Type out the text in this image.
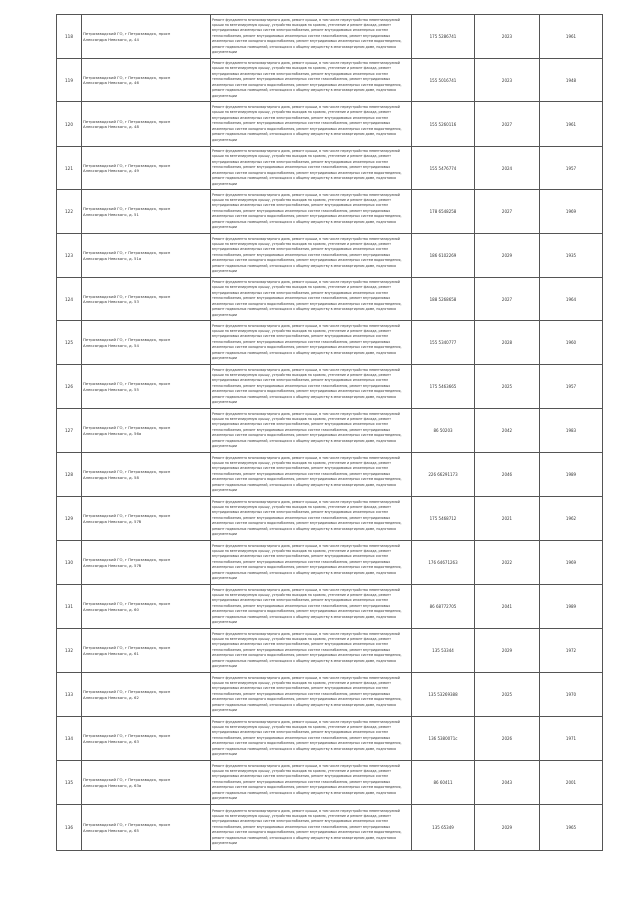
118	Петрозаводский ГО, г Петрозаводск, просп
Александра Невского, д. 44	Ремонт фундамента многоквартирного дома, ремонт крыши, в том числе переустройство невентилируемой крыши на вентилируемую крышу, устройство выходов на кровлю, утепление и ремонт фасада, ремонт внутридомовых инженерных систем электроснабжения, ремонт внутридомовых инженерных систем теплоснабжения, ремонт внутридомовых инженерных систем газоснабжения, ремонт внутридомовых инженерных систем холодного водоснабжения, ремонт внутридомовых инженерных систем водоотведения, ремонт подвальных помещений, относящихся к общему имуществу в многоквартирном доме, подготовка документации	175 5286741	2023	1961
119	Петрозаводский ГО, г Петрозаводск, просп
Александра Невского, д. 46	Ремонт фундамента многоквартирного дома, ремонт крыши, в том числе переустройство невентилируемой крыши на вентилируемую крышу, устройство выходов на кровлю, утепление и ремонт фасада, ремонт внутридомовых инженерных систем электроснабжения, ремонт внутридомовых инженерных систем теплоснабжения, ремонт внутридомовых инженерных систем газоснабжения, ремонт внутридомовых инженерных систем холодного водоснабжения, ремонт внутридомовых инженерных систем водоотведения, ремонт подвальных помещений, относящихся к общему имуществу в многоквартирном доме, подготовка документации	155 5016741	2023	1948
120	Петрозаводский ГО, г Петрозаводск, просп
Александра Невского, д. 48	Ремонт фундамента многоквартирного дома, ремонт крыши, в том числе переустройство невентилируемой крыши на вентилируемую крышу, устройство выходов на кровлю, утепление и ремонт фасада, ремонт внутридомовых инженерных систем электроснабжения, ремонт внутридомовых инженерных систем теплоснабжения, ремонт внутридомовых инженерных систем газоснабжения, ремонт внутридомовых инженерных систем холодного водоснабжения, ремонт внутридомовых инженерных систем водоотведения, ремонт подвальных помещений, относящихся к общему имуществу в многоквартирном доме, подготовка документации	155 5260116	2027	1961
121	Петрозаводский ГО, г Петрозаводск, просп
Александра Невского, д. 49	Ремонт фундамента многоквартирного дома, ремонт крыши, в том числе переустройство невентилируемой крыши на вентилируемую крышу, устройство выходов на кровлю, утепление и ремонт фасада, ремонт внутридомовых инженерных систем электроснабжения, ремонт внутридомовых инженерных систем теплоснабжения, ремонт внутридомовых инженерных систем газоснабжения, ремонт внутридомовых инженерных систем холодного водоснабжения, ремонт внутридомовых инженерных систем водоотведения, ремонт подвальных помещений, относящихся к общему имуществу в многоквартирном доме, подготовка документации	155 5476774	2024	1957
122	Петрозаводский ГО, г Петрозаводск, просп
Александра Невского, д. 51	Ремонт фундамента многоквартирного дома, ремонт крыши, в том числе переустройство невентилируемой крыши на вентилируемую крышу, устройство выходов на кровлю, утепление и ремонт фасада, ремонт внутридомовых инженерных систем электроснабжения, ремонт внутридомовых инженерных систем теплоснабжения, ремонт внутридомовых инженерных систем газоснабжения, ремонт внутридомовых инженерных систем холодного водоснабжения, ремонт внутридомовых инженерных систем водоотведения, ремонт подвальных помещений, относящихся к общему имуществу в многоквартирном доме, подготовка документации	178 6548258	2027	1969
123	Петрозаводский ГО, г Петрозаводск, просп
Александра Невского, д. 51а	Ремонт фундамента многоквартирного дома, ремонт крыши, в том числе переустройство невентилируемой крыши на вентилируемую крышу, устройство выходов на кровлю, утепление и ремонт фасада, ремонт внутридомовых инженерных систем электроснабжения, ремонт внутридомовых инженерных систем теплоснабжения, ремонт внутридомовых инженерных систем газоснабжения, ремонт внутридомовых инженерных систем холодного водоснабжения, ремонт внутридомовых инженерных систем водоотведения, ремонт подвальных помещений, относящихся к общему имуществу в многоквартирном доме, подготовка документации	186 6102269	2029	1935
124	Петрозаводский ГО, г Петрозаводск, просп
Александра Невского, д. 53	Ремонт фундамента многоквартирного дома, ремонт крыши, в том числе переустройство невентилируемой крыши на вентилируемую крышу, устройство выходов на кровлю, утепление и ремонт фасада, ремонт внутридомовых инженерных систем электроснабжения, ремонт внутридомовых инженерных систем теплоснабжения, ремонт внутридомовых инженерных систем газоснабжения, ремонт внутридомовых инженерных систем холодного водоснабжения, ремонт внутридомовых инженерных систем водоотведения, ремонт подвальных помещений, относящихся к общему имуществу в многоквартирном доме, подготовка документации	188 5268658	2027	1964
125	Петрозаводский ГО, г Петрозаводск, просп
Александра Невского, д. 54	Ремонт фундамента многоквартирного дома, ремонт крыши, в том числе переустройство невентилируемой крыши на вентилируемую крышу, устройство выходов на кровлю, утепление и ремонт фасада, ремонт внутридомовых инженерных систем электроснабжения, ремонт внутридомовых инженерных систем теплоснабжения, ремонт внутридомовых инженерных систем газоснабжения, ремонт внутридомовых инженерных систем холодного водоснабжения, ремонт внутридомовых инженерных систем водоотведения, ремонт подвальных помещений, относящихся к общему имуществу в многоквартирном доме, подготовка документации	155 5340777	2028	1960
126	Петрозаводский ГО, г Петрозаводск, просп
Александра Невского, д. 55	Ремонт фундамента многоквартирного дома, ремонт крыши, в том числе переустройство невентилируемой крыши на вентилируемую крышу, устройство выходов на кровлю, утепление и ремонт фасада, ремонт внутридомовых инженерных систем электроснабжения, ремонт внутридомовых инженерных систем теплоснабжения, ремонт внутридомовых инженерных систем газоснабжения, ремонт внутридомовых инженерных систем холодного водоснабжения, ремонт внутридомовых инженерных систем водоотведения, ремонт подвальных помещений, относящихся к общему имуществу в многоквартирном доме, подготовка документации	175 5463665	2025	1957
127	Петрозаводский ГО, г Петрозаводск, просп
Александра Невского, д. 56а	Ремонт фундамента многоквартирного дома, ремонт крыши, в том числе переустройство невентилируемой крыши на вентилируемую крышу, устройство выходов на кровлю, утепление и ремонт фасада, ремонт внутридомовых инженерных систем электроснабжения, ремонт внутридомовых инженерных систем теплоснабжения, ремонт внутридомовых инженерных систем газоснабжения, ремонт внутридомовых инженерных систем холодного водоснабжения, ремонт внутридомовых инженерных систем водоотведения, ремонт подвальных помещений, относящихся к общему имуществу в многоквартирном доме, подготовка документации	86 50203	2042	1983
128	Петрозаводский ГО, г Петрозаводск, просп
Александра Невского, д. 58	Ремонт фундамента многоквартирного дома, ремонт крыши, в том числе переустройство невентилируемой крыши на вентилируемую крышу, устройство выходов на кровлю, утепление и ремонт фасада, ремонт внутридомовых инженерных систем электроснабжения, ремонт внутридомовых инженерных систем теплоснабжения, ремонт внутридомовых инженерных систем газоснабжения, ремонт внутридомовых инженерных систем холодного водоснабжения, ремонт внутридомовых инженерных систем водоотведения, ремонт подвальных помещений, относящихся к общему имуществу в многоквартирном доме, подготовка документации	226 66291173	2046	1989
129	Петрозаводский ГО, г Петрозаводск, просп
Александра Невского, д. 57б	Ремонт фундамента многоквартирного дома, ремонт крыши, в том числе переустройство невентилируемой крыши на вентилируемую крышу, устройство выходов на кровлю, утепление и ремонт фасада, ремонт внутридомовых инженерных систем электроснабжения, ремонт внутридомовых инженерных систем теплоснабжения, ремонт внутридомовых инженерных систем газоснабжения, ремонт внутридомовых инженерных систем холодного водоснабжения, ремонт внутридомовых инженерных систем водоотведения, ремонт подвальных помещений, относящихся к общему имуществу в многоквартирном доме, подготовка документации	175 5468712	2021	1962
130	Петрозаводский ГО, г Петрозаводск, просп
Александра Невского, д. 57б	Ремонт фундамента многоквартирного дома, ремонт крыши, в том числе переустройство невентилируемой крыши на вентилируемую крышу, устройство выходов на кровлю, утепление и ремонт фасада, ремонт внутридомовых инженерных систем электроснабжения, ремонт внутридомовых инженерных систем теплоснабжения, ремонт внутридомовых инженерных систем газоснабжения, ремонт внутридомовых инженерных систем холодного водоснабжения, ремонт внутридомовых инженерных систем водоотведения, ремонт подвальных помещений, относящихся к общему имуществу в многоквартирном доме, подготовка документации	176 64671263	2022	1969
131	Петрозаводский ГО, г Петрозаводск, просп
Александра Невского, д. 60	Ремонт фундамента многоквартирного дома, ремонт крыши, в том числе переустройство невентилируемой крыши на вентилируемую крышу, устройство выходов на кровлю, утепление и ремонт фасада, ремонт внутридомовых инженерных систем электроснабжения, ремонт внутридомовых инженерных систем теплоснабжения, ремонт внутридомовых инженерных систем газоснабжения, ремонт внутридомовых инженерных систем холодного водоснабжения, ремонт внутридомовых инженерных систем водоотведения, ремонт подвальных помещений, относящихся к общему имуществу в многоквартирном доме, подготовка документации	86 68772705	2041	1989
132	Петрозаводский ГО, г Петрозаводск, просп
Александра Невского, д. 61	Ремонт фундамента многоквартирного дома, ремонт крыши, в том числе переустройство невентилируемой крыши на вентилируемую крышу, устройство выходов на кровлю, утепление и ремонт фасада, ремонт внутридомовых инженерных систем электроснабжения, ремонт внутридомовых инженерных систем теплоснабжения, ремонт внутридомовых инженерных систем газоснабжения, ремонт внутридомовых инженерных систем холодного водоснабжения, ремонт внутридомовых инженерных систем водоотведения, ремонт подвальных помещений, относящихся к общему имуществу в многоквартирном доме, подготовка документации	135 53344	2029	1972
133	Петрозаводский ГО, г Петрозаводск, просп
Александра Невского, д. 62	Ремонт фундамента многоквартирного дома, ремонт крыши, в том числе переустройство невентилируемой крыши на вентилируемую крышу, устройство выходов на кровлю, утепление и ремонт фасада, ремонт внутридомовых инженерных систем электроснабжения, ремонт внутридомовых инженерных систем теплоснабжения, ремонт внутридомовых инженерных систем газоснабжения, ремонт внутридомовых инженерных систем холодного водоснабжения, ремонт внутридомовых инженерных систем водоотведения, ремонт подвальных помещений, относящихся к общему имуществу в многоквартирном доме, подготовка документации	135 53269388	2025	1970
134	Петрозаводский ГО, г Петрозаводск, просп
Александра Невского, д. 63	Ремонт фундамента многоквартирного дома, ремонт крыши, в том числе переустройство невентилируемой крыши на вентилируемую крышу, устройство выходов на кровлю, утепление и ремонт фасада, ремонт внутридомовых инженерных систем электроснабжения, ремонт внутридомовых инженерных систем теплоснабжения, ремонт внутридомовых инженерных систем газоснабжения, ремонт внутридомовых инженерных систем холодного водоснабжения, ремонт внутридомовых инженерных систем водоотведения, ремонт подвальных помещений, относящихся к общему имуществу в многоквартирном доме, подготовка документации	136 5380071с	2026	1971
135	Петрозаводский ГО, г Петрозаводск, просп
Александра Невского, д. 63а	Ремонт фундамента многоквартирного дома, ремонт крыши, в том числе переустройство невентилируемой крыши на вентилируемую крышу, устройство выходов на кровлю, утепление и ремонт фасада, ремонт внутридомовых инженерных систем электроснабжения, ремонт внутридомовых инженерных систем теплоснабжения, ремонт внутридомовых инженерных систем газоснабжения, ремонт внутридомовых инженерных систем холодного водоснабжения, ремонт внутридомовых инженерных систем водоотведения, ремонт подвальных помещений, относящихся к общему имуществу в многоквартирном доме, подготовка документации	86 60411	2043	2001
136	Петрозаводский ГО, г Петрозаводск, просп
Александра Невского, д. 65	Ремонт фундамента многоквартирного дома, ремонт крыши, в том числе переустройство невентилируемой крыши на вентилируемую крышу, устройство выходов на кровлю, утепление и ремонт фасада, ремонт внутридомовых инженерных систем электроснабжения, ремонт внутридомовых инженерных систем теплоснабжения, ремонт внутридомовых инженерных систем газоснабжения, ремонт внутридомовых инженерных систем холодного водоснабжения, ремонт внутридомовых инженерных систем водоотведения, ремонт подвальных помещений, относящихся к общему имуществу в многоквартирном доме, подготовка документации	135 65349	2029	1965
